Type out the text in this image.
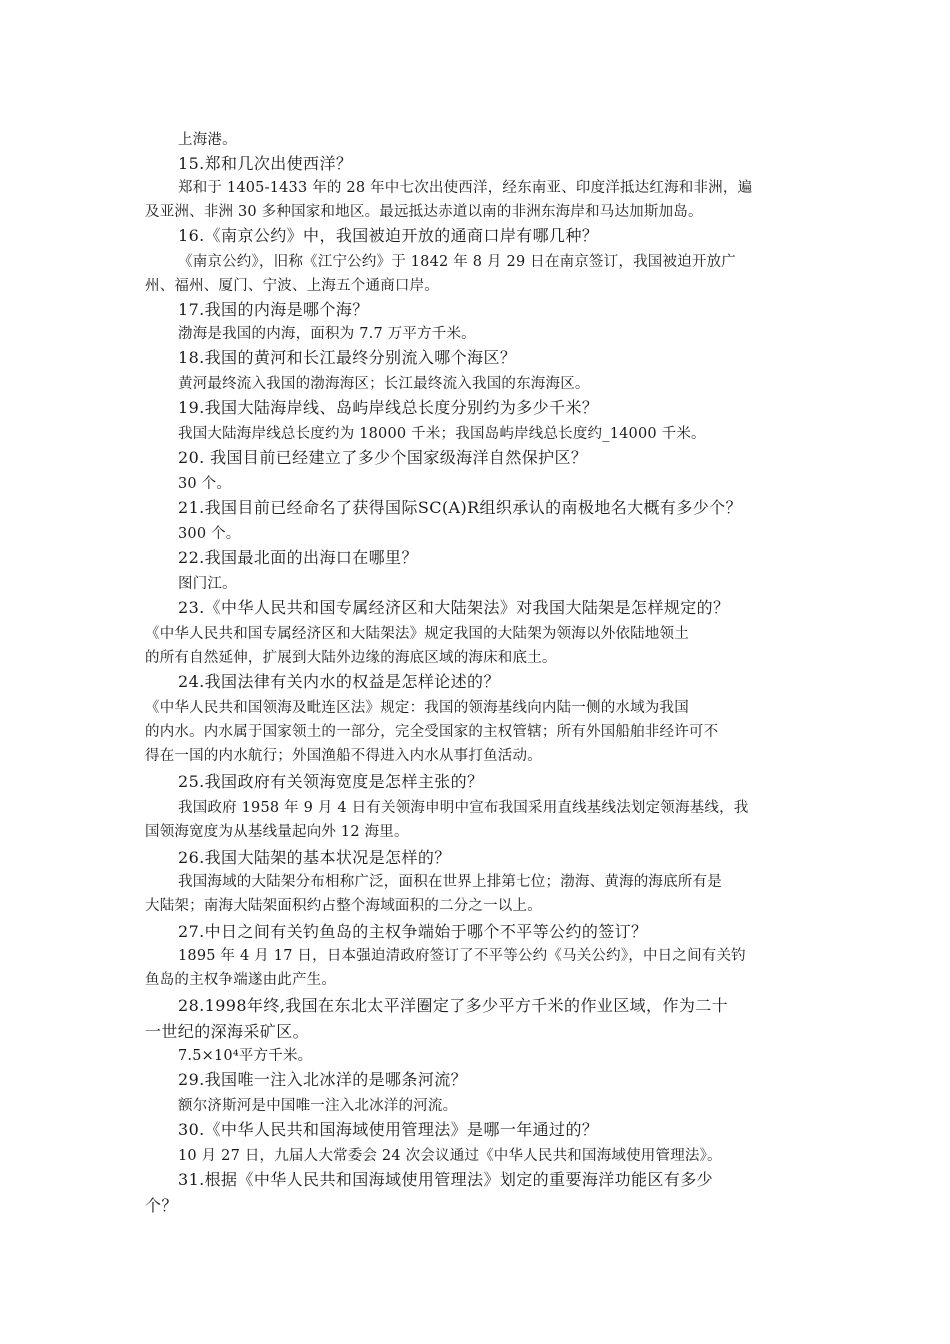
上海港。
15.郑和几次出使西洋？
郑和于 1405-1433 年的 28 年中七次出使西洋，经东南亚、印度洋抵达红海和非洲，遍
及亚洲、非洲 30 多种国家和地区。最远抵达赤道以南的非洲东海岸和马达加斯加岛。
16.《南京公约》中，我国被迫开放的通商口岸有哪几种？
《南京公约》，旧称《江宁公约》于 1842 年 8 月 29 日在南京签订，我国被迫开放广
州、福州、厦门、宁波、上海五个通商口岸。
17.我国的内海是哪个海？
渤海是我国的内海，面积为 7.7 万平方千米。
18.我国的黄河和长江最终分别流入哪个海区？
黄河最终流入我国的渤海海区；长江最终流入我国的东海海区。
19.我国大陆海岸线、岛屿岸线总长度分别约为多少千米？
我国大陆海岸线总长度约为 18000 千米；我国岛屿岸线总长度约_14000 千米。
20. 我国目前已经建立了多少个国家级海洋自然保护区？
30 个。
21.我国目前已经命名了获得国际SC(A)R组织承认的南极地名大概有多少个？
300 个。
22.我国最北面的出海口在哪里？
图门江。
23.《中华人民共和国专属经济区和大陆架法》对我国大陆架是怎样规定的？
《中华人民共和国专属经济区和大陆架法》规定我国的大陆架为领海以外依陆地领土
的所有自然延伸，扩展到大陆外边缘的海底区域的海床和底土。
24.我国法律有关内水的权益是怎样论述的？
《中华人民共和国领海及毗连区法》规定：我国的领海基线向内陆一侧的水域为我国
的内水。内水属于国家领土的一部分，完全受国家的主权管辖；所有外国船舶非经许可不
得在一国的内水航行；外国渔船不得进入内水从事打鱼活动。
25.我国政府有关领海宽度是怎样主张的？
我国政府 1958 年 9 月 4 日有关领海申明中宣布我国采用直线基线法划定领海基线，我
国领海宽度为从基线量起向外 12 海里。
26.我国大陆架的基本状况是怎样的？
我国海域的大陆架分布相称广泛，面积在世界上排第七位；渤海、黄海的海底所有是
大陆架；南海大陆架面积约占整个海域面积的二分之一以上。
27.中日之间有关钓鱼岛的主权争端始于哪个不平等公约的签订？
1895 年 4 月 17 日，日本强迫清政府签订了不平等公约《马关公约》，中日之间有关钓
鱼岛的主权争端遂由此产生。
28.1998年终,我国在东北太平洋圈定了多少平方千米的作业区域，作为二十
一世纪的深海采矿区。
7.5×10⁴平方千米。
29.我国唯一注入北冰洋的是哪条河流？
额尔济斯河是中国唯一注入北冰洋的河流。
30.《中华人民共和国海域使用管理法》是哪一年通过的？
10 月 27 日，九届人大常委会 24 次会议通过《中华人民共和国海域使用管理法》。
31.根据《中华人民共和国海域使用管理法》划定的重要海洋功能区有多少
个？
